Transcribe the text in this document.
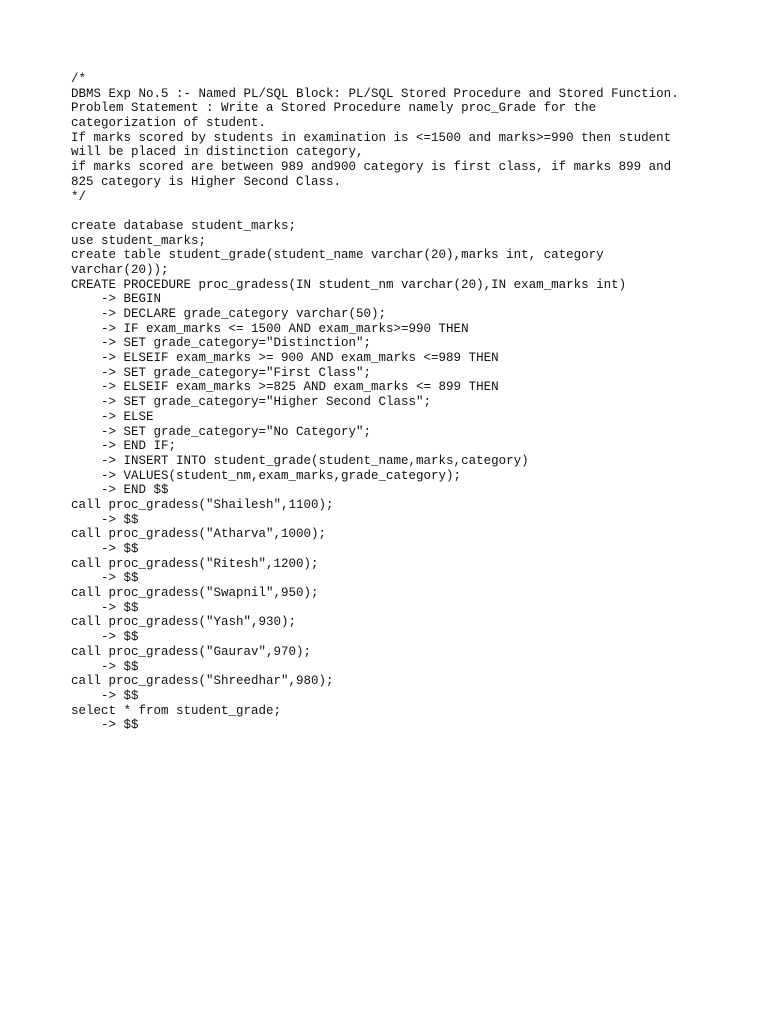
/*
DBMS Exp No.5 :- Named PL/SQL Block: PL/SQL Stored Procedure and Stored Function.
Problem Statement : Write a Stored Procedure namely proc_Grade for the
categorization of student.
If marks scored by students in examination is <=1500 and marks>=990 then student
will be placed in distinction category,
if marks scored are between 989 and900 category is first class, if marks 899 and
825 category is Higher Second Class.
*/
create database student_marks;
use student_marks;
create table student_grade(student_name varchar(20),marks int, category
varchar(20));
CREATE PROCEDURE proc_gradess(IN student_nm varchar(20),IN exam_marks int)
-> BEGIN
-> DECLARE grade_category varchar(50);
-> IF exam_marks <= 1500 AND exam_marks>=990 THEN
-> SET grade_category="Distinction";
-> ELSEIF exam_marks >= 900 AND exam_marks <=989 THEN
-> SET grade_category="First Class";
-> ELSEIF exam_marks >=825 AND exam_marks <= 899 THEN
-> SET grade_category="Higher Second Class";
-> ELSE
-> SET grade_category="No Category";
-> END IF;
-> INSERT INTO student_grade(student_name,marks,category)
-> VALUES(student_nm,exam_marks,grade_category);
-> END $$
call proc_gradess("Shailesh",1100);
-> $$
call proc_gradess("Atharva",1000);
-> $$
call proc_gradess("Ritesh",1200);
-> $$
call proc_gradess("Swapnil",950);
-> $$
call proc_gradess("Yash",930);
-> $$
call proc_gradess("Gaurav",970);
-> $$
call proc_gradess("Shreedhar",980);
-> $$
select * from student_grade;
-> $$
